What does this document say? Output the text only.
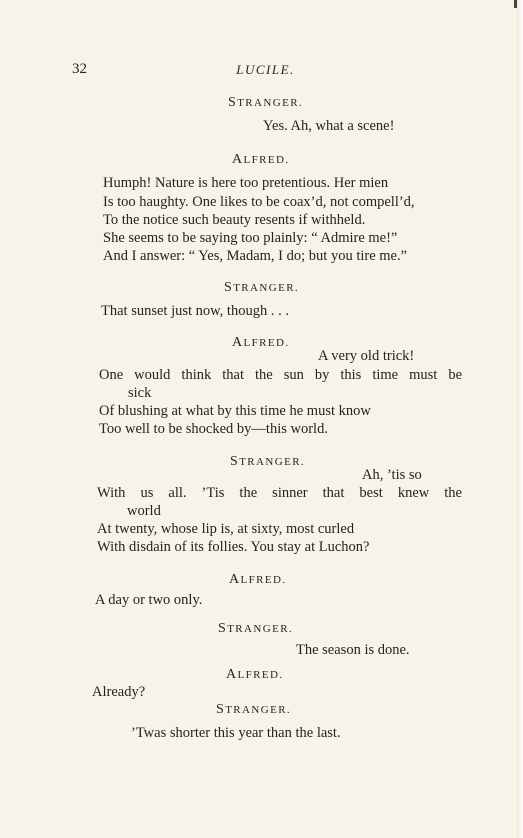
32	LUCILE.
STRANGER.
Yes. Ah, what a scene!
ALFRED.
Humph! Nature is here too pretentious. Her mien
Is too haughty. One likes to be coax’d, not compell’d,
To the notice such beauty resents if withheld.
She seems to be saying too plainly: “ Admire me!”
And I answer: “ Yes, Madam, I do; but you tire me.”
STRANGER.
That sunset just now, though . . .
ALFRED.
A very old trick!
One would think that the sun by this time must be
sick
Of blushing at what by this time he must know
Too well to be shocked by—this world.
STRANGER.
Ah, ’tis so
With us all. ’Tis the sinner that best knew the
world
At twenty, whose lip is, at sixty, most curled
With disdain of its follies. You stay at Luchon?
ALFRED.
A day or two only.
STRANGER.
The season is done.
ALFRED.
Already?
STRANGER.
’Twas shorter this year than the last.
